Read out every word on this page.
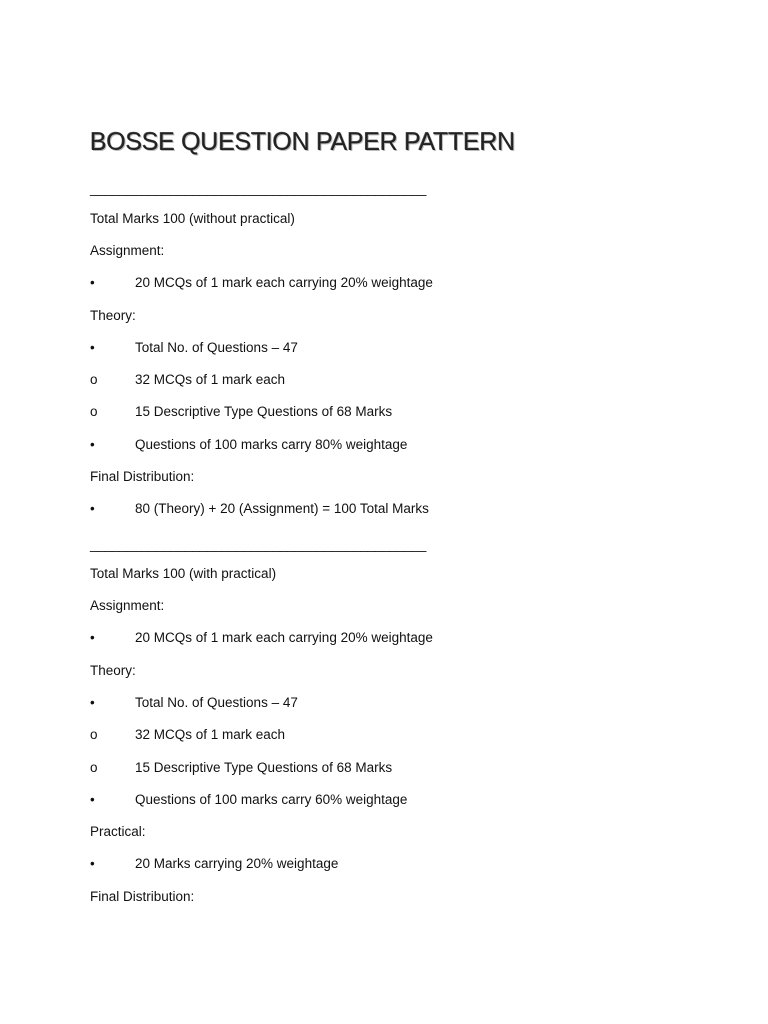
BOSSE QUESTION PAPER PATTERN
______________________________________________
Total Marks 100 (without practical)
Assignment:
•	20 MCQs of 1 mark each carrying 20% weightage
Theory:
•	Total No. of Questions – 47
o	32 MCQs of 1 mark each
o	15 Descriptive Type Questions of 68 Marks
•	Questions of 100 marks carry 80% weightage
Final Distribution:
•	80 (Theory) + 20 (Assignment) = 100 Total Marks
______________________________________________
Total Marks 100 (with practical)
Assignment:
•	20 MCQs of 1 mark each carrying 20% weightage
Theory:
•	Total No. of Questions – 47
o	32 MCQs of 1 mark each
o	15 Descriptive Type Questions of 68 Marks
•	Questions of 100 marks carry 60% weightage
Practical:
•	20 Marks carrying 20% weightage
Final Distribution:
